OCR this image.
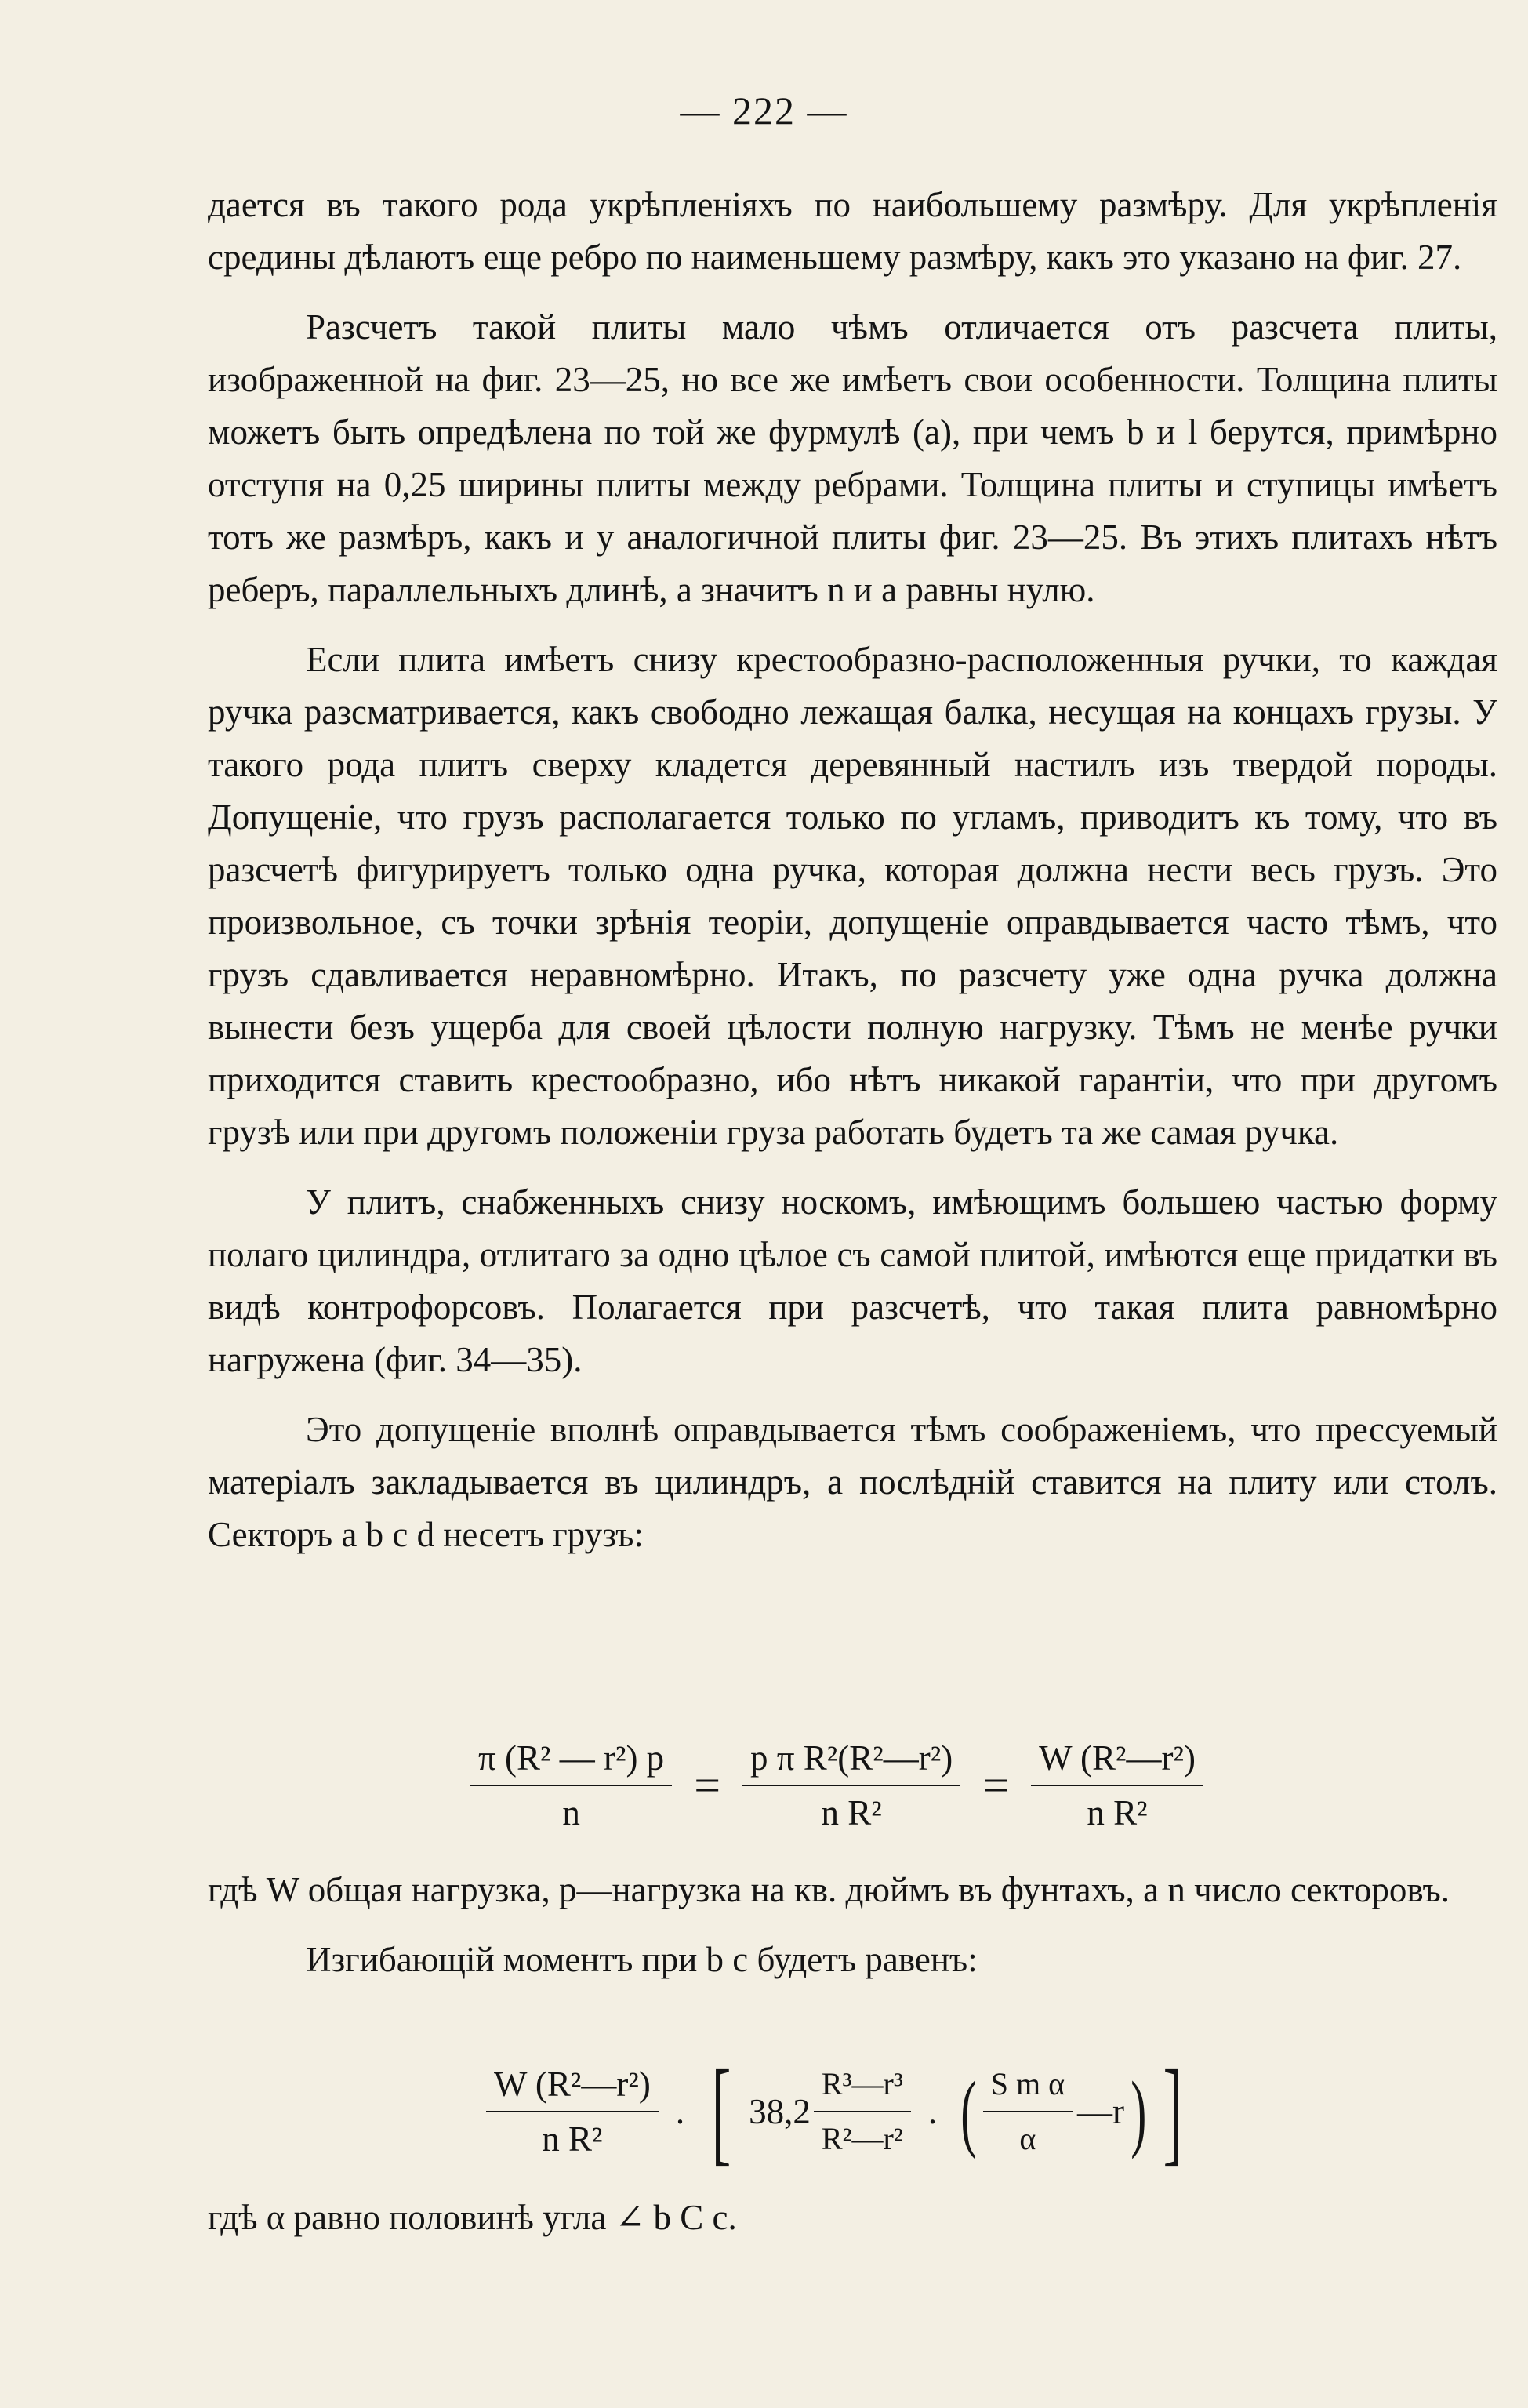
— 222 —

дается въ такого рода укрѣпленіяхъ по наибольшему размѣру. Для укрѣпленія средины дѣлаютъ еще ребро по наименьшему размѣру, какъ это указано на фиг. 27.

Разсчетъ такой плиты мало чѣмъ отличается отъ разсчета плиты, изображенной на фиг. 23—25, но все же имѣетъ свои особенности. Толщина плиты можетъ быть опредѣлена по той же фурмулѣ (a), при чемъ b и l берутся, примѣрно отступя на 0,25 ширины плиты между ребрами. Толщина плиты и ступицы имѣетъ тотъ же размѣръ, какъ и у аналогичной плиты фиг. 23—25. Въ этихъ плитахъ нѣтъ реберъ, параллельныхъ длинѣ, а значитъ n и a равны нулю.

Если плита имѣетъ снизу крестообразно-расположенныя ручки, то каждая ручка разсматривается, какъ свободно лежащая балка, несущая на концахъ грузы. У такого рода плитъ сверху кладется деревянный настилъ изъ твердой породы. Допущеніе, что грузъ располагается только по угламъ, приводитъ къ тому, что въ разсчетѣ фигурируетъ только одна ручка, которая должна нести весь грузъ. Это произвольное, съ точки зрѣнія теоріи, допущеніе оправдывается часто тѣмъ, что грузъ сдавливается неравномѣрно. Итакъ, по разсчету уже одна ручка должна вынести безъ ущерба для своей цѣлости полную нагрузку. Тѣмъ не менѣе ручки приходится ставить крестообразно, ибо нѣтъ никакой гарантіи, что при другомъ грузѣ или при другомъ положеніи груза работать будетъ та же самая ручка.

У плитъ, снабженныхъ снизу носкомъ, имѣющимъ большею частью форму полаго цилиндра, отлитаго за одно цѣлое съ самой плитой, имѣются еще придатки въ видѣ контрофорсовъ. Полагается при разсчетѣ, что такая плита равномѣрно нагружена (фиг. 34—35).

Это допущеніе вполнѣ оправдывается тѣмъ соображеніемъ, что прессуемый матеріалъ закладывается въ цилиндръ, а послѣдній ставится на плиту или столъ. Секторъ a b c d несетъ грузъ:

$\frac{\text{π (R² — r²) p}}{n} = \frac{\text{p π R²(R²—r²)}}{\text{n R²}} = \frac{\text{W (R²—r²)}}{\text{n R²}}$

гдѣ W общая нагрузка, p—нагрузка на кв. дюймъ въ фунтахъ, а n число секторовъ.

Изгибающій моментъ при b c будетъ равенъ:

$\frac{\text{W (R²—r²)}}{\text{n R²}}$ . [ $38,2 \frac{\text{R³—r³}}{\text{R²—r²}}$ . ( $\frac{\text{S m α}}{\alpha}$ —r ) ]

гдѣ α равно половинѣ угла ∠ b C c.
